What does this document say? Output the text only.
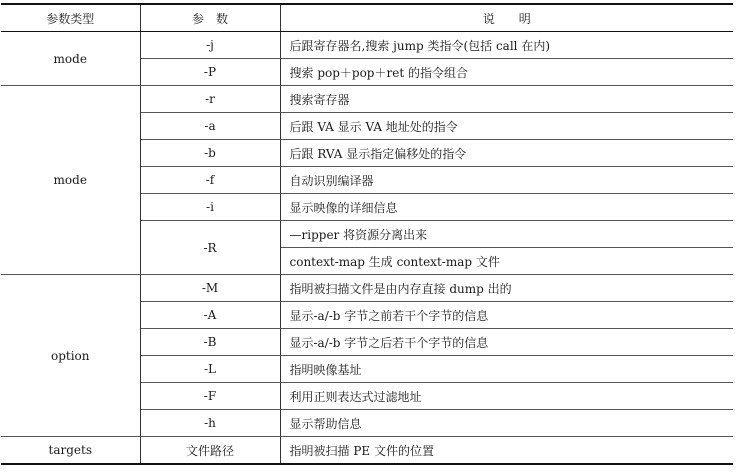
参数类型	参　数	说　　明
mode	-j	后跟寄存器名,搜索 jump 类指令(包括 call 在内)
	-P	搜索 pop＋pop＋ret 的指令组合
mode	-r	搜索寄存器
	-a	后跟 VA 显示 VA 地址处的指令
	-b	后跟 RVA 显示指定偏移处的指令
	-f	自动识别编译器
	-i	显示映像的详细信息
	-R	—ripper 将资源分离出来
		context-map 生成 context-map 文件
option	-M	指明被扫描文件是由内存直接 dump 出的
	-A	显示-a/-b 字节之前若干个字节的信息
	-B	显示-a/-b 字节之后若干个字节的信息
	-L	指明映像基址
	-F	利用正则表达式过滤地址
	-h	显示帮助信息
targets	文件路径	指明被扫描 PE 文件的位置
